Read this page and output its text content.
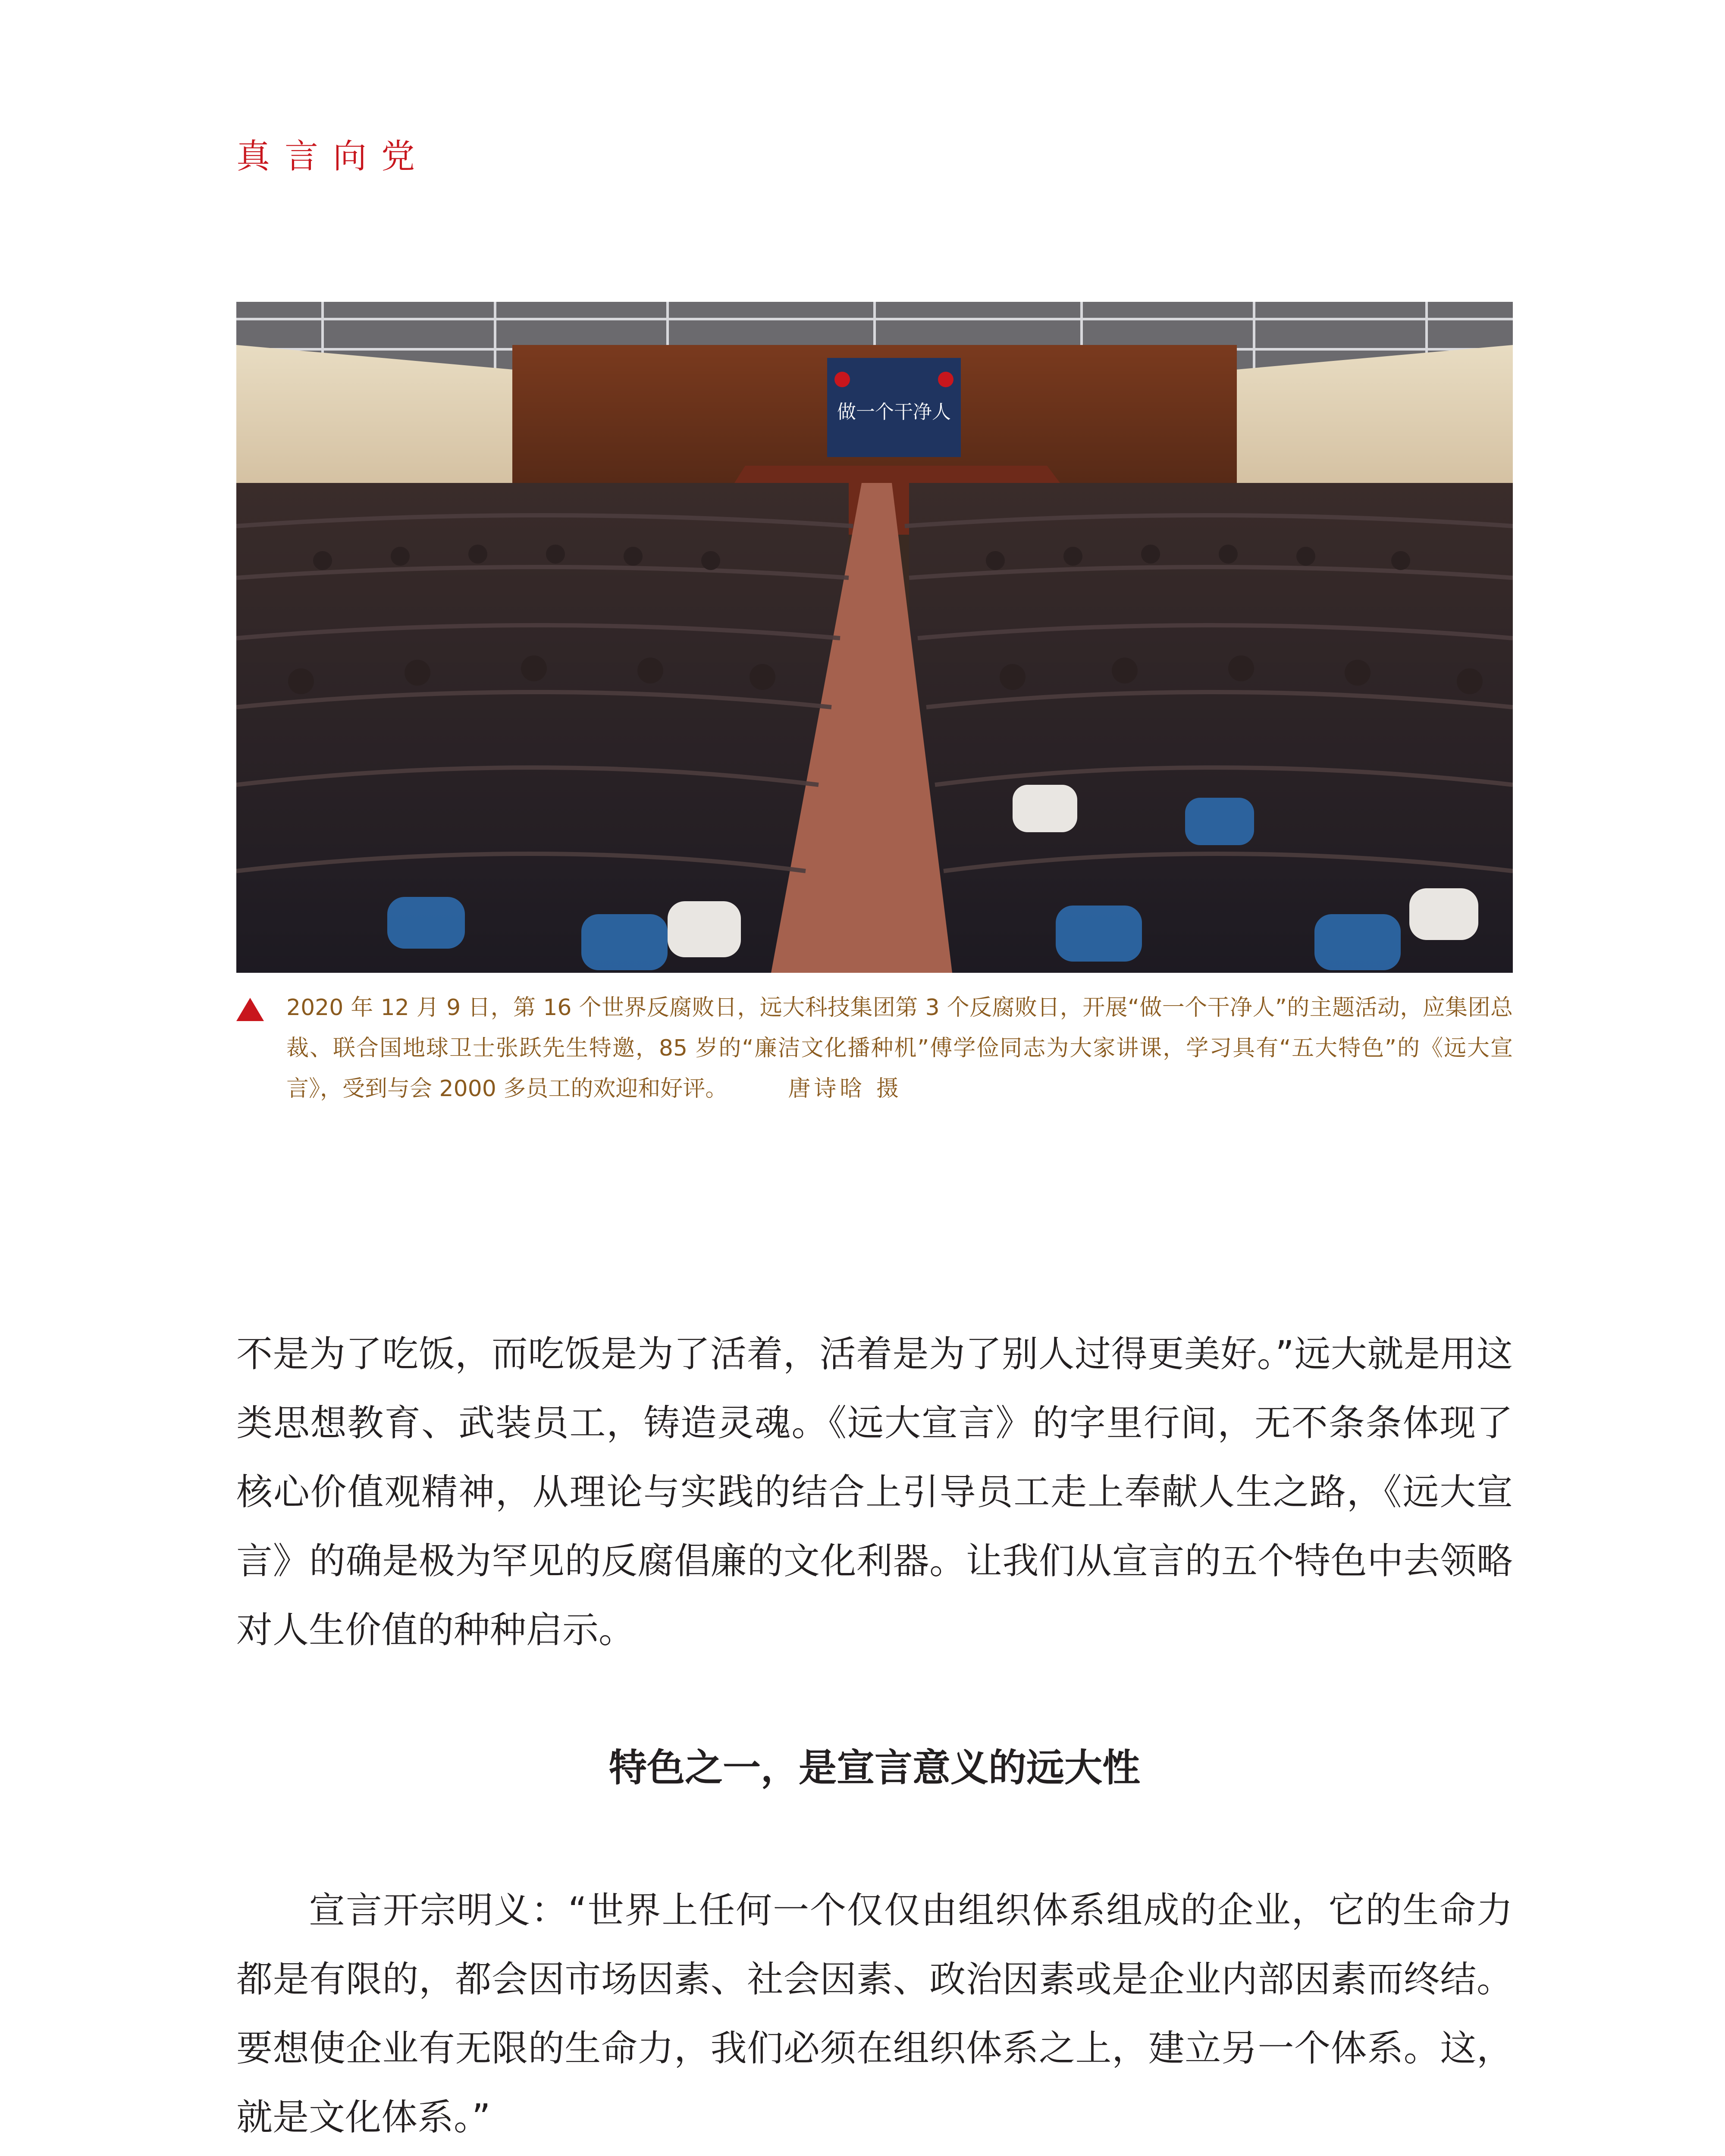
真言向党
做一个干净人
2020 年 12 月 9 日，第 16 个世界反腐败日，远大科技集团第 3 个反腐败日，开展“做一个干净人”的主题活动，应集团总裁、联合国地球卫士张跃先生特邀，85 岁的“廉洁文化播种机”傅学俭同志为大家讲课，学习具有“五大特色”的《远大宣言》，受到与会 2000 多员工的欢迎和好评。	唐诗晗 摄

不是为了吃饭，而吃饭是为了活着，活着是为了别人过得更美好。”远大就是用这类思想教育、武装员工，铸造灵魂。《远大宣言》的字里行间，无不条条体现了核心价值观精神，从理论与实践的结合上引导员工走上奉献人生之路，《远大宣言》的确是极为罕见的反腐倡廉的文化利器。让我们从宣言的五个特色中去领略对人生价值的种种启示。

特色之一，是宣言意义的远大性

宣言开宗明义：“世界上任何一个仅仅由组织体系组成的企业，它的生命力都是有限的，都会因市场因素、社会因素、政治因素或是企业内部因素而终结。要想使企业有无限的生命力，我们必须在组织体系之上，建立另一个体系。这，就是文化体系。”
